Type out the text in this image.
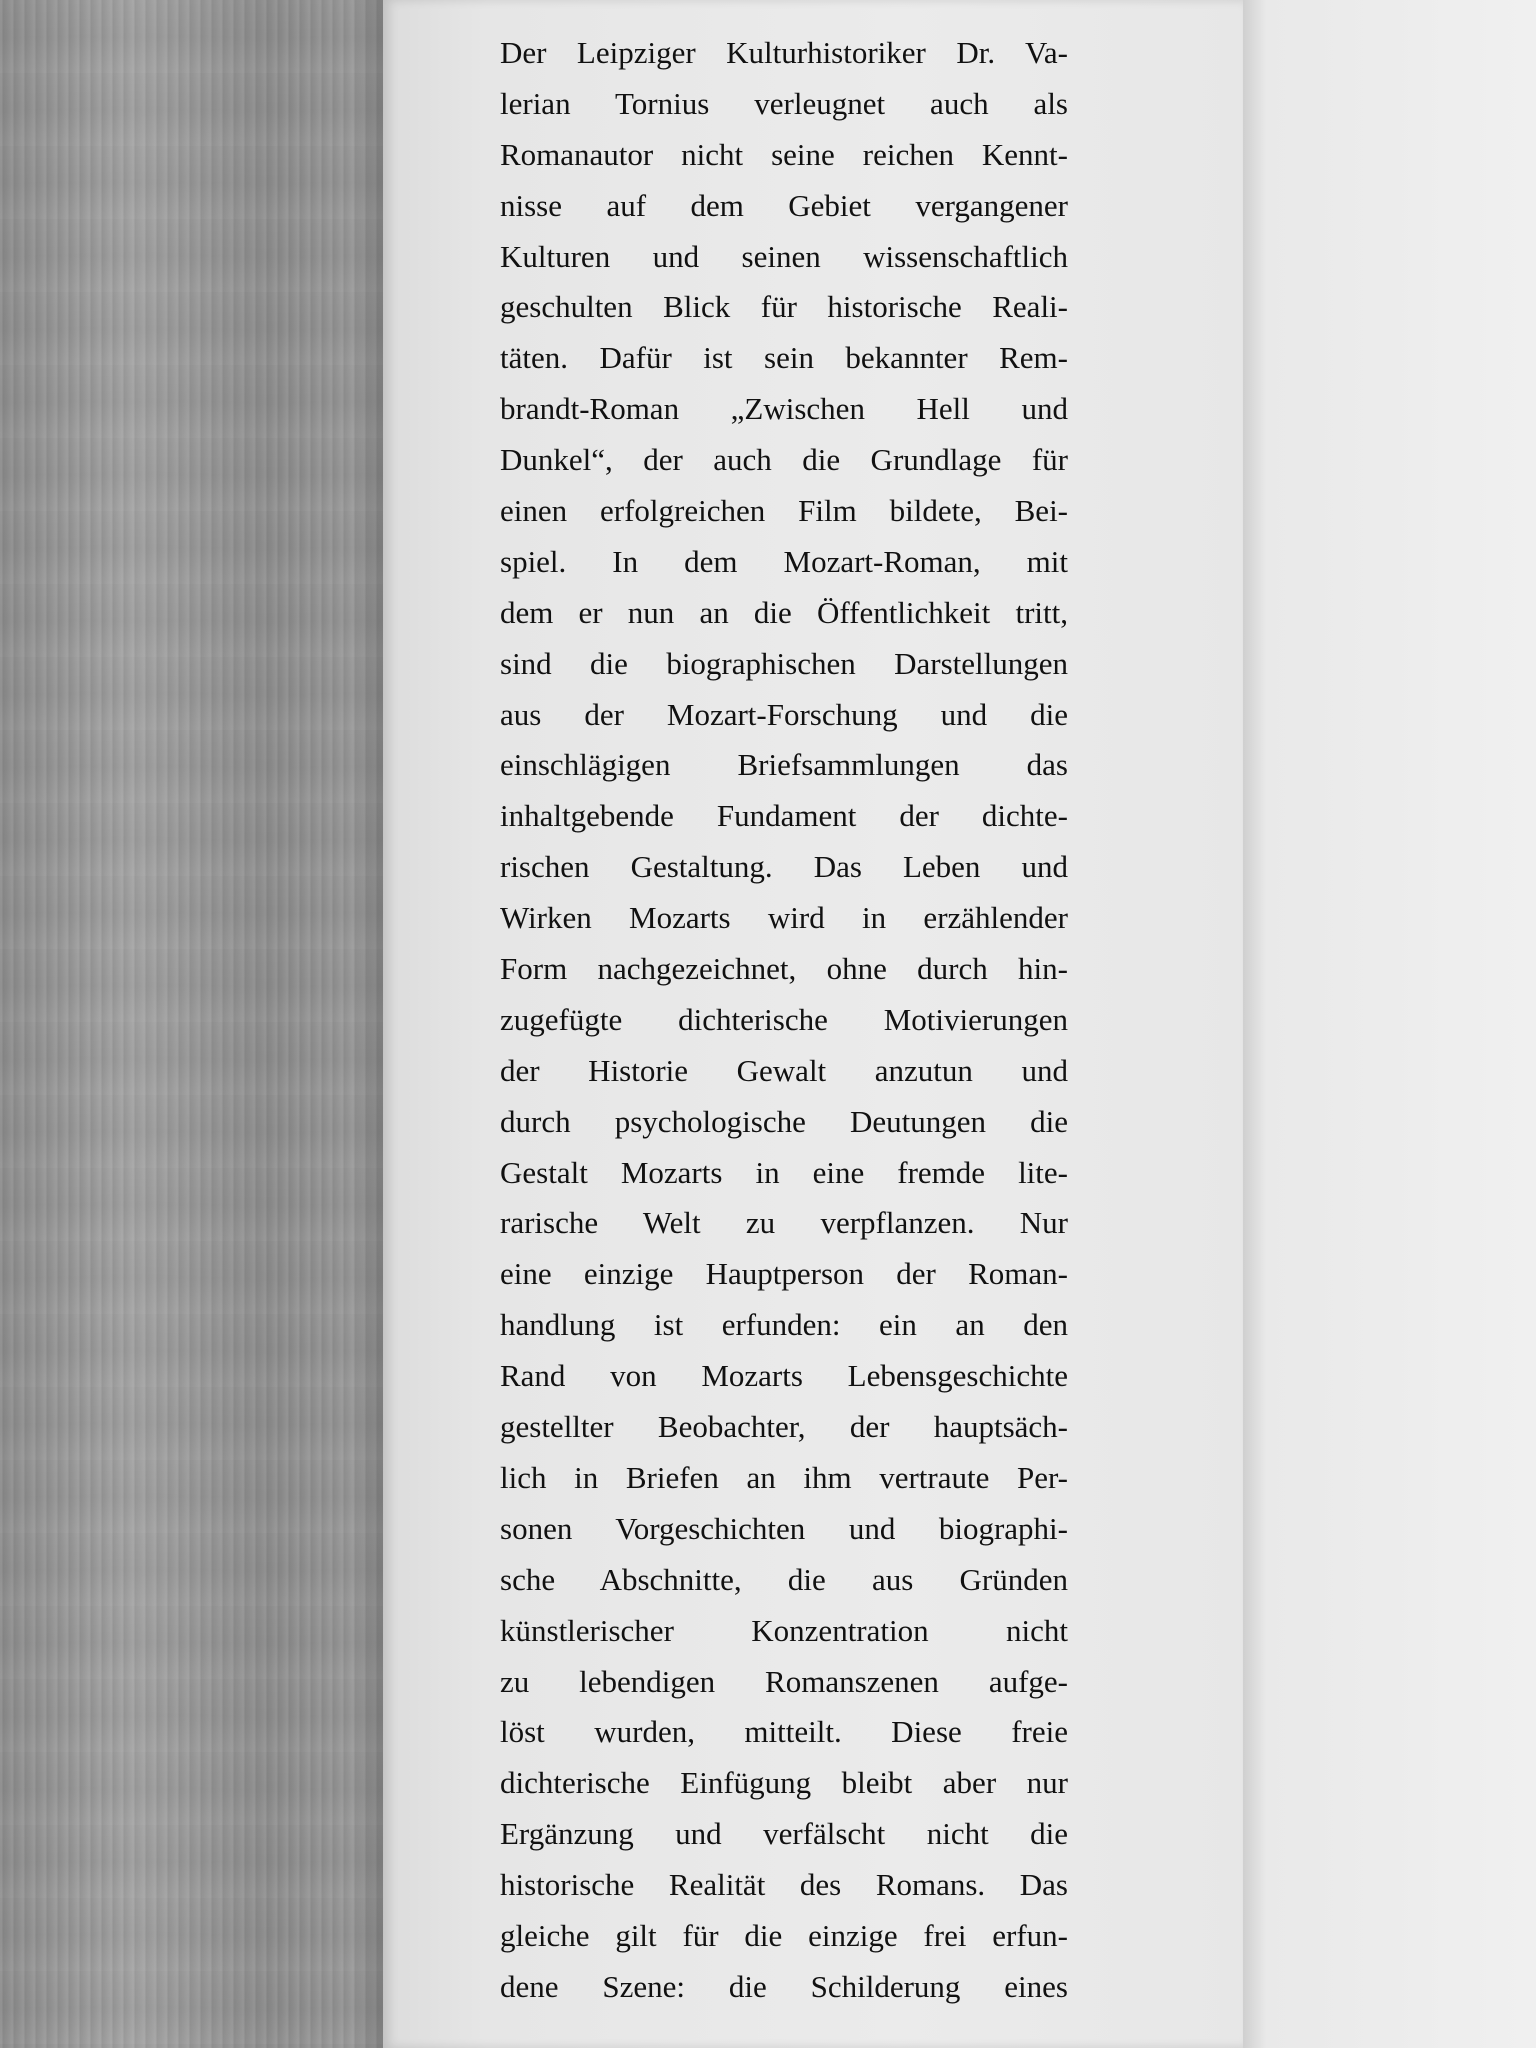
Der Leipziger Kulturhistoriker Dr. Va-
lerian Tornius verleugnet auch als
Romanautor nicht seine reichen Kennt-
nisse auf dem Gebiet vergangener
Kulturen und seinen wissenschaftlich
geschulten Blick für historische Reali-
täten. Dafür ist sein bekannter Rem-
brandt-Roman „Zwischen Hell und
Dunkel“, der auch die Grundlage für
einen erfolgreichen Film bildete, Bei-
spiel. In dem Mozart-Roman, mit
dem er nun an die Öffentlichkeit tritt,
sind die biographischen Darstellungen
aus der Mozart-Forschung und die
einschlägigen Briefsammlungen das
inhaltgebende Fundament der dichte-
rischen Gestaltung. Das Leben und
Wirken Mozarts wird in erzählender
Form nachgezeichnet, ohne durch hin-
zugefügte dichterische Motivierungen
der Historie Gewalt anzutun und
durch psychologische Deutungen die
Gestalt Mozarts in eine fremde lite-
rarische Welt zu verpflanzen. Nur
eine einzige Hauptperson der Roman-
handlung ist erfunden: ein an den
Rand von Mozarts Lebensgeschichte
gestellter Beobachter, der hauptsäch-
lich in Briefen an ihm vertraute Per-
sonen Vorgeschichten und biographi-
sche Abschnitte, die aus Gründen
künstlerischer Konzentration nicht
zu lebendigen Romanszenen aufge-
löst wurden, mitteilt. Diese freie
dichterische Einfügung bleibt aber nur
Ergänzung und verfälscht nicht die
historische Realität des Romans. Das
gleiche gilt für die einzige frei erfun-
dene Szene: die Schilderung eines
